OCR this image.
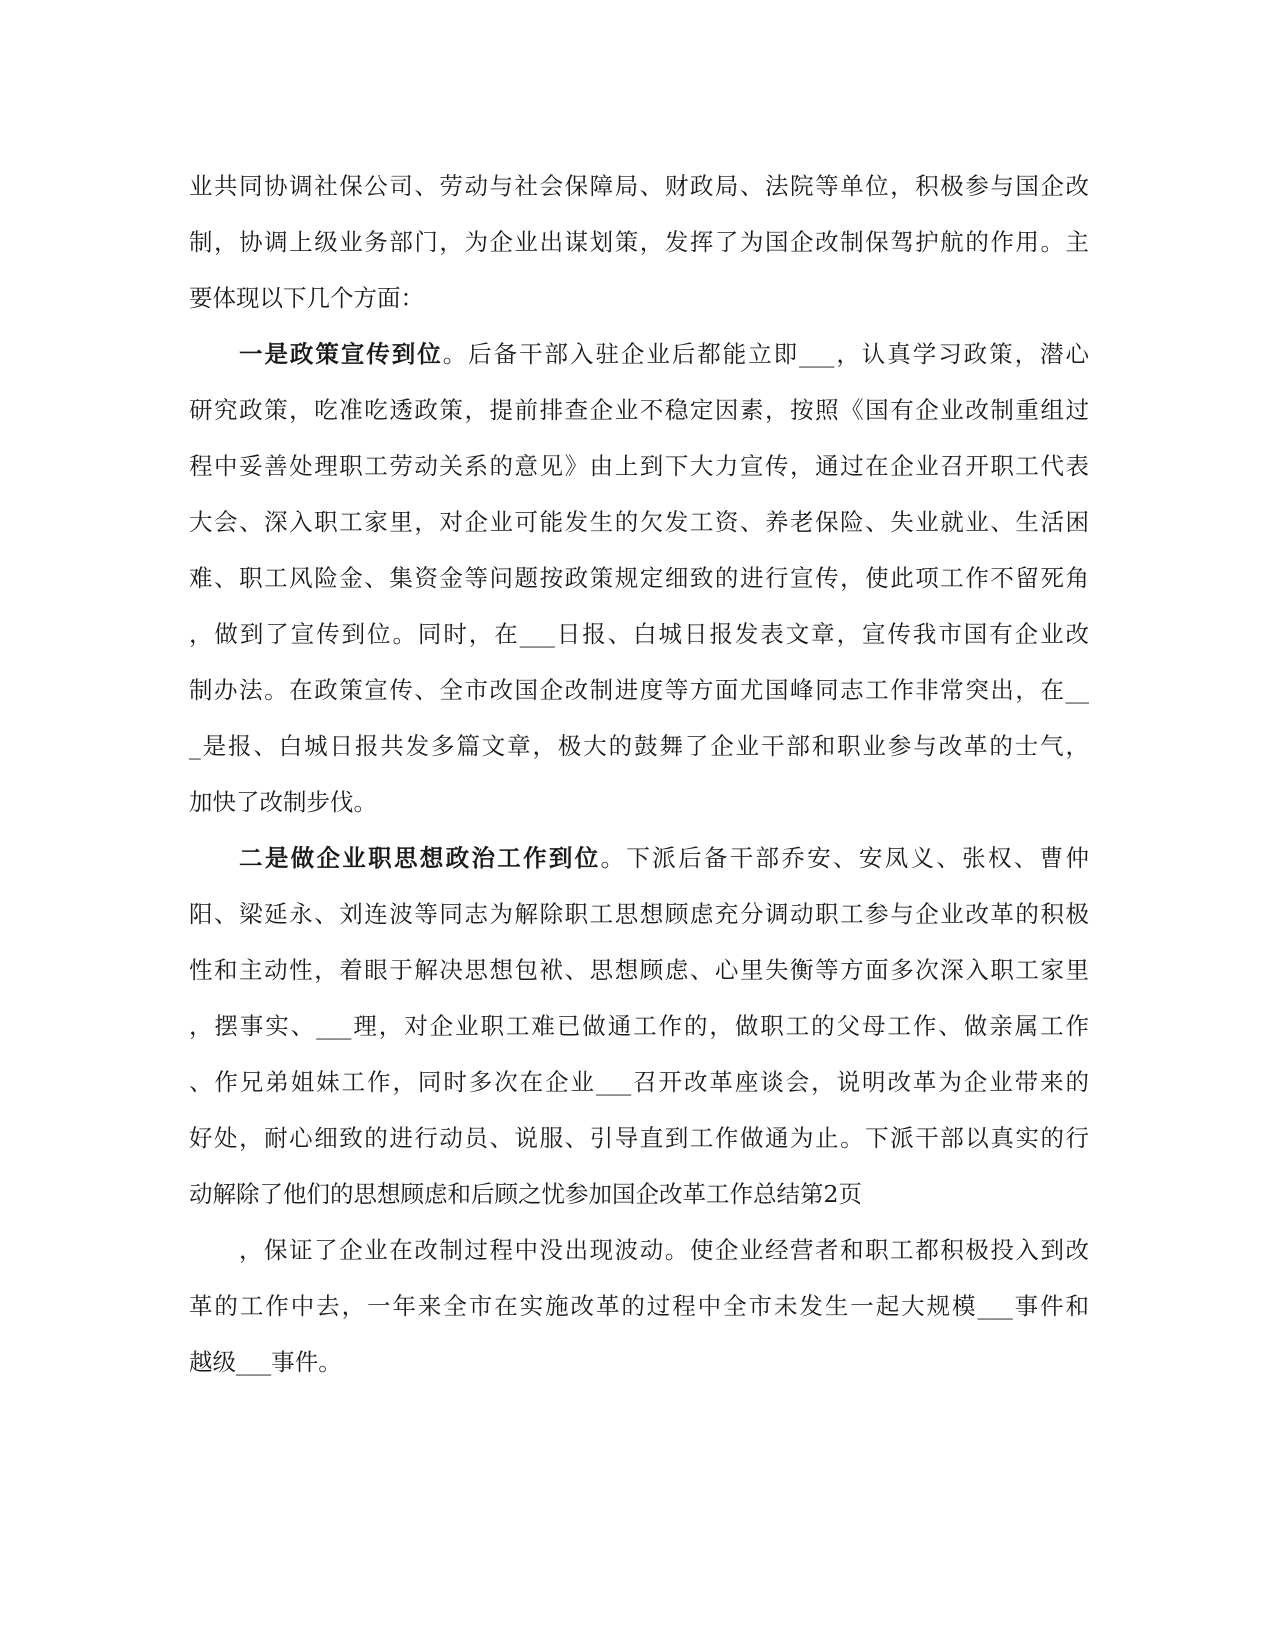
业共同协调社保公司、劳动与社会保障局、财政局、法院等单位，积极参与国企改
制，协调上级业务部门，为企业出谋划策，发挥了为国企改制保驾护航的作用。主
要体现以下几个方面：
一是政策宣传到位。后备干部入驻企业后都能立即___，认真学习政策，潜心
研究政策，吃准吃透政策，提前排查企业不稳定因素，按照《国有企业改制重组过
程中妥善处理职工劳动关系的意见》由上到下大力宣传，通过在企业召开职工代表
大会、深入职工家里，对企业可能发生的欠发工资、养老保险、失业就业、生活困
难、职工风险金、集资金等问题按政策规定细致的进行宣传，使此项工作不留死角
，做到了宣传到位。同时，在___日报、白城日报发表文章，宣传我市国有企业改
制办法。在政策宣传、全市改国企改制进度等方面尤国峰同志工作非常突出，在__
_是报、白城日报共发多篇文章，极大的鼓舞了企业干部和职业参与改革的士气，
加快了改制步伐。
二是做企业职思想政治工作到位。下派后备干部乔安、安凤义、张权、曹仲
阳、梁延永、刘连波等同志为解除职工思想顾虑充分调动职工参与企业改革的积极
性和主动性，着眼于解决思想包袱、思想顾虑、心里失衡等方面多次深入职工家里
，摆事实、___理，对企业职工难已做通工作的，做职工的父母工作、做亲属工作
、作兄弟姐妹工作，同时多次在企业___召开改革座谈会，说明改革为企业带来的
好处，耐心细致的进行动员、说服、引导直到工作做通为止。下派干部以真实的行
动解除了他们的思想顾虑和后顾之忧参加国企改革工作总结第2页
，保证了企业在改制过程中没出现波动。使企业经营者和职工都积极投入到改
革的工作中去，一年来全市在实施改革的过程中全市未发生一起大规模___事件和
越级___事件。
